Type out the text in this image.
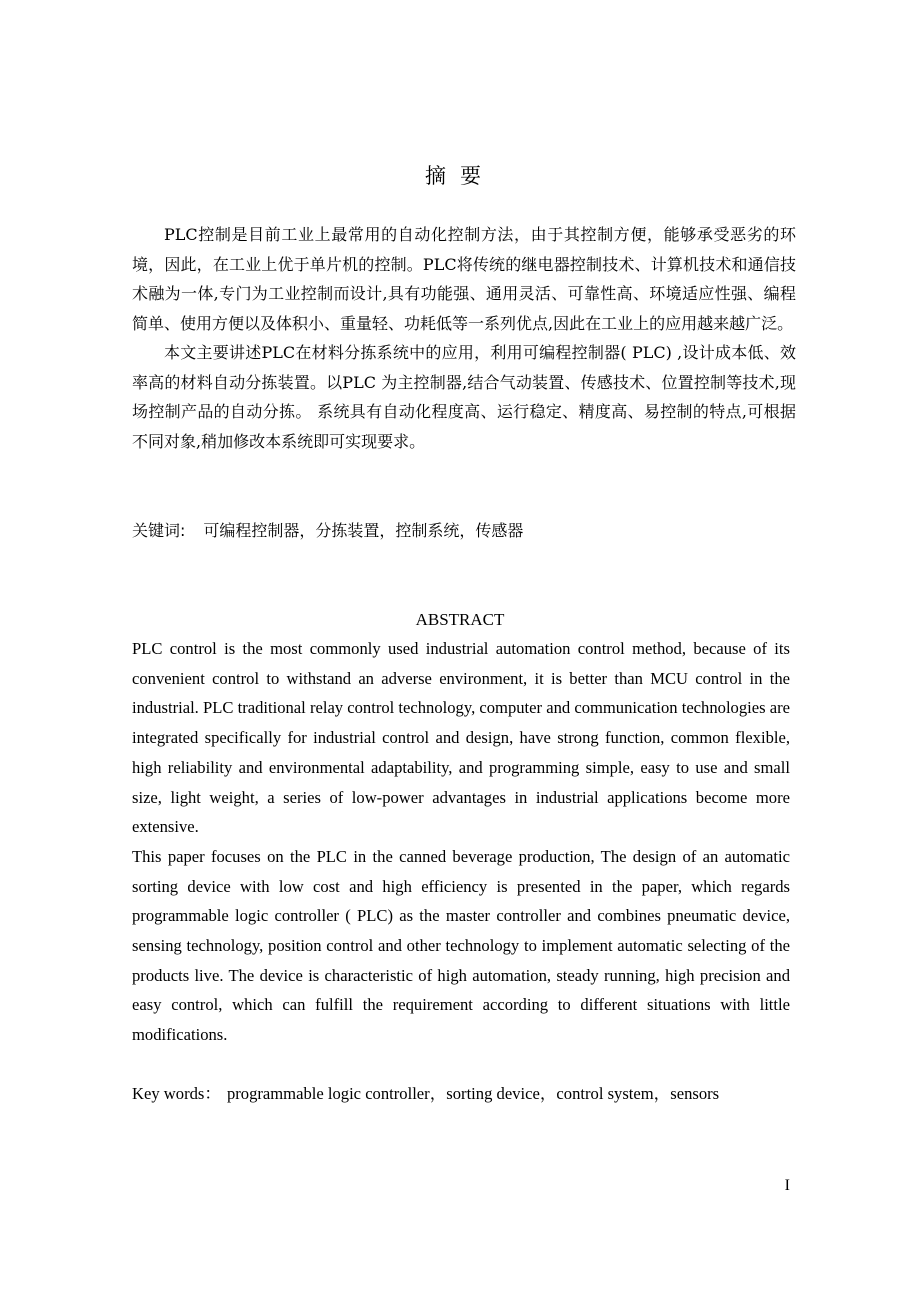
摘要

PLC控制是目前工业上最常用的自动化控制方法，由于其控制方便，能够承受恶劣的环境，因此，在工业上优于单片机的控制。PLC将传统的继电器控制技术、计算机技术和通信技术融为一体,专门为工业控制而设计,具有功能强、通用灵活、可靠性高、环境适应性强、编程简单、使用方便以及体积小、重量轻、功耗低等一系列优点,因此在工业上的应用越来越广泛。

本文主要讲述PLC在材料分拣系统中的应用，利用可编程控制器( PLC) ,设计成本低、效率高的材料自动分拣装置。以PLC 为主控制器,结合气动装置、传感技术、位置控制等技术,现场控制产品的自动分拣。 系统具有自动化程度高、运行稳定、精度高、易控制的特点,可根据不同对象,稍加修改本系统即可实现要求。

关键词: 可编程控制器，分拣装置，控制系统，传感器
ABSTRACT

PLC control is the most commonly used industrial automation control method, because of its convenient control to withstand an adverse environment, it is better than MCU control in the industrial. PLC traditional relay control technology, computer and communication technologies are integrated specifically for industrial control and design, have strong function, common flexible, high reliability and environmental adaptability, and programming simple, easy to use and small size, light weight, a series of low-power advantages in industrial applications become more extensive.

This paper focuses on the PLC in the canned beverage production, The design of an automatic sorting device with low cost and high efficiency is presented in the paper, which regards programmable logic controller ( PLC) as the master controller and combines pneumatic device, sensing technology, position control and other technology to implement automatic selecting of the products live. The device is characteristic of high automation, steady running, high precision and easy control, which can fulfill the requirement according to different situations with little modifications.

Key words： programmable logic controller，sorting device，control system，sensors
I
